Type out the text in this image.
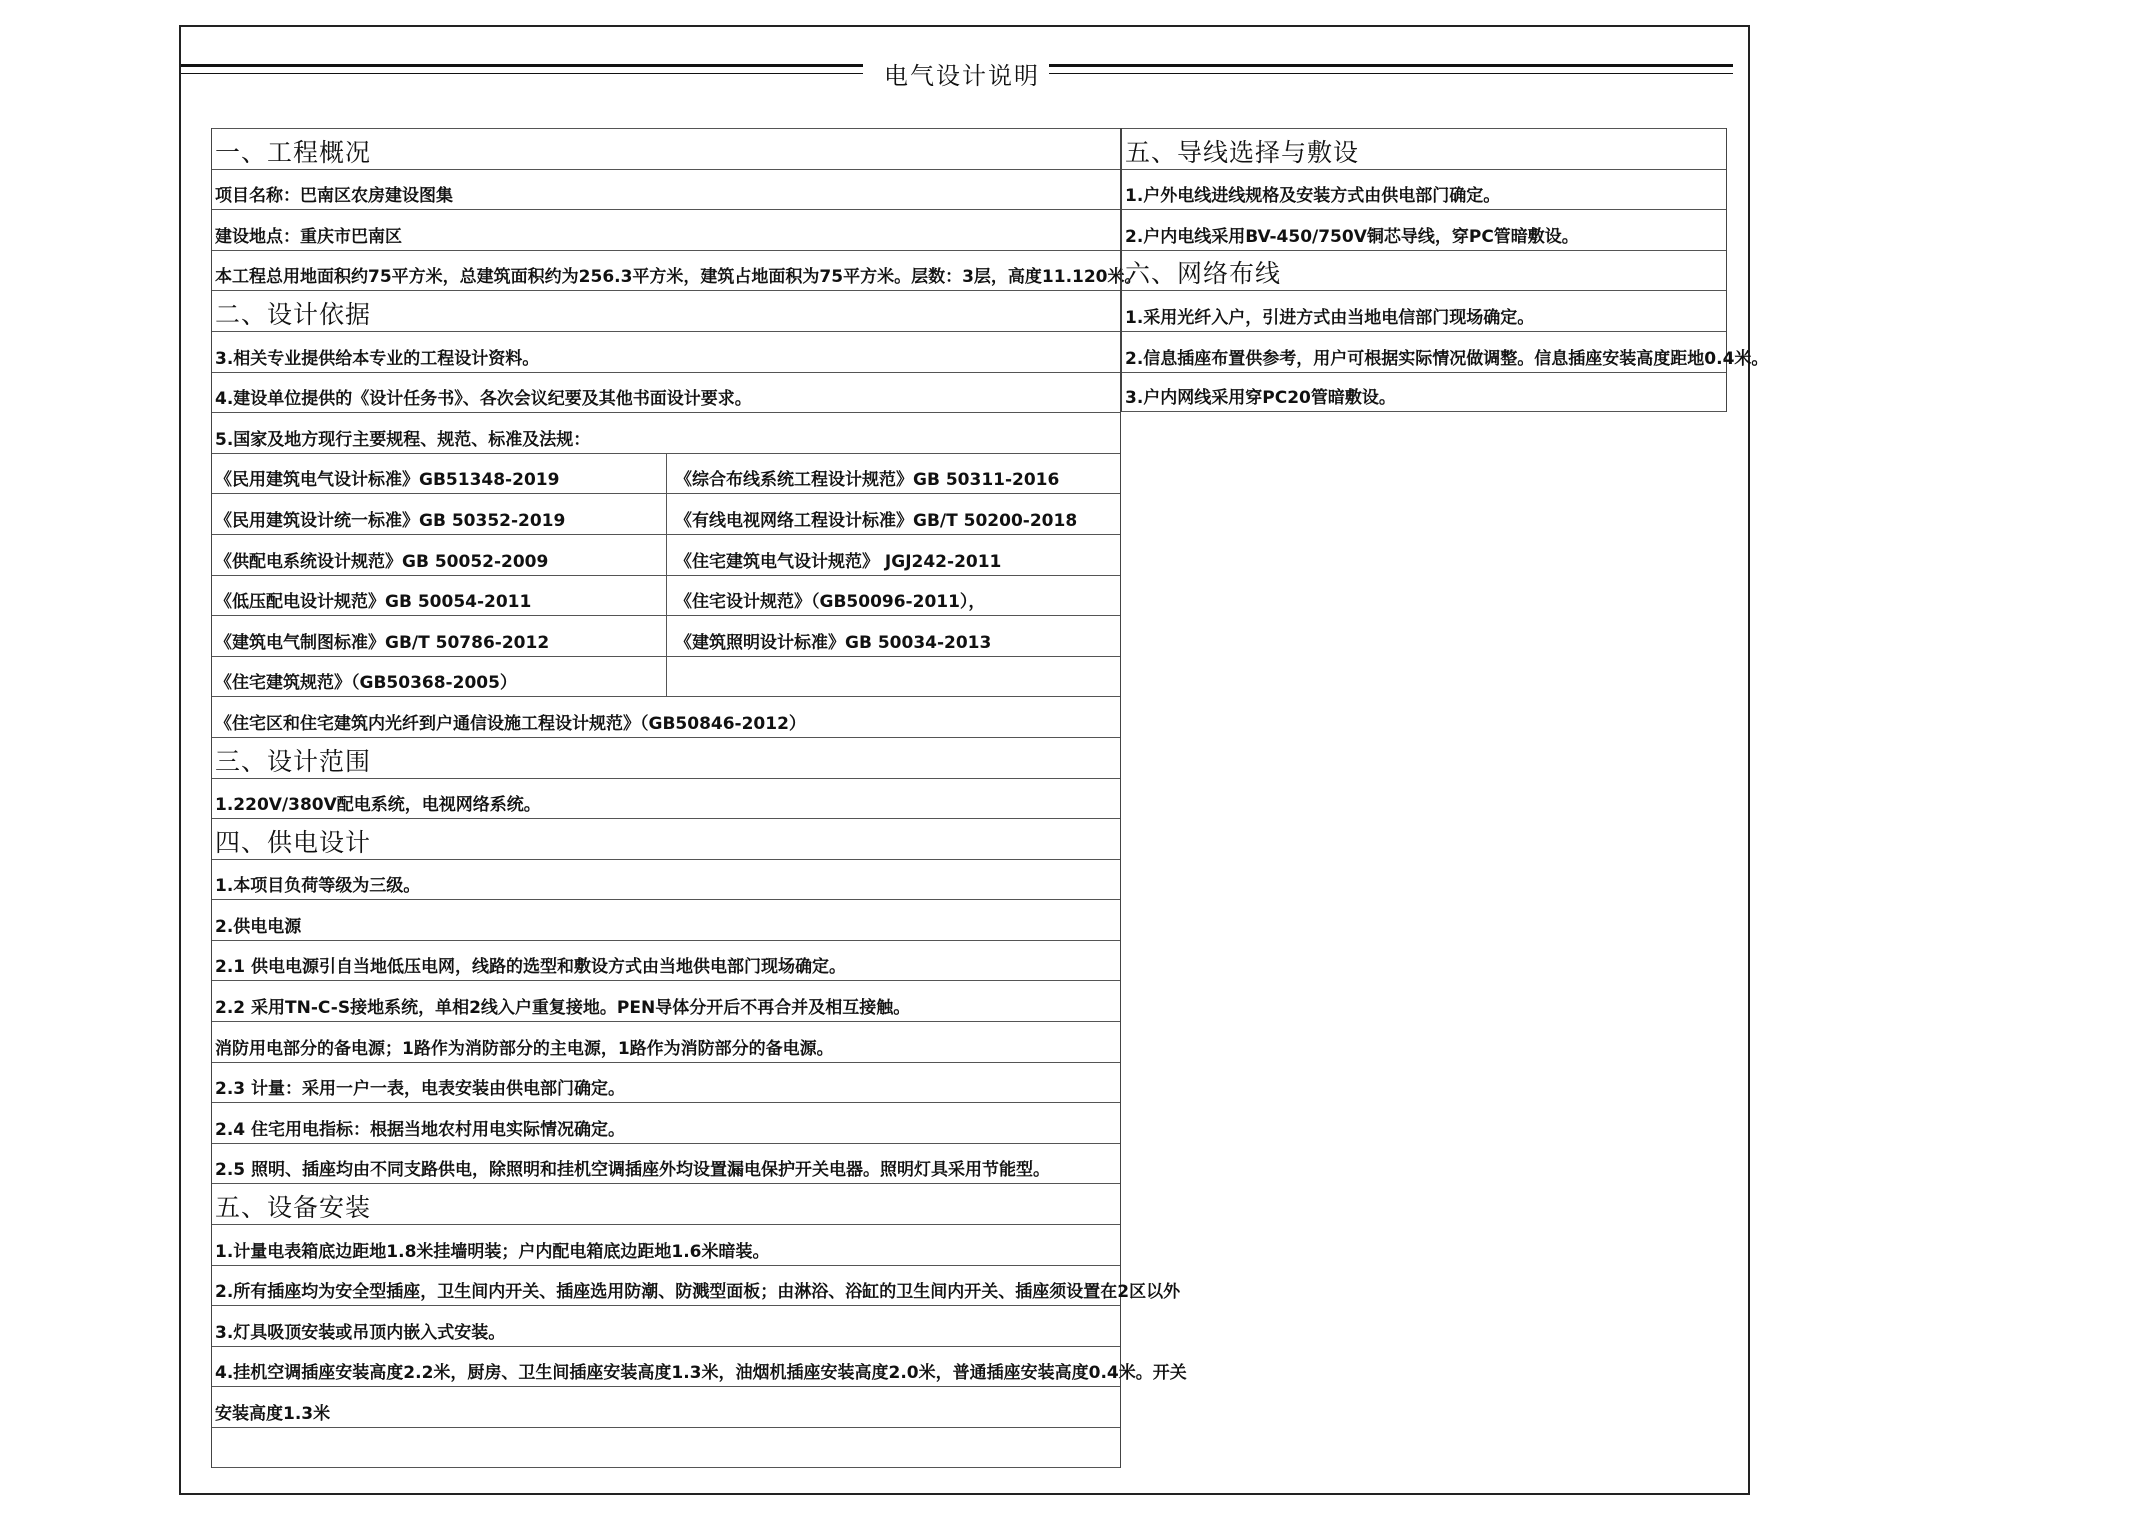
电气设计说明
一、工程概况
项目名称：巴南区农房建设图集
建设地点：重庆市巴南区
本工程总用地面积约75平方米，总建筑面积约为256.3平方米，建筑占地面积为75平方米。层数：3层，高度11.120米。
二、设计依据
3.相关专业提供给本专业的工程设计资料。
4.建设单位提供的《设计任务书》、各次会议纪要及其他书面设计要求。
5.国家及地方现行主要规程、规范、标准及法规：
《民用建筑电气设计标准》GB51348-2019	《综合布线系统工程设计规范》GB 50311-2016
《民用建筑设计统一标准》GB 50352-2019	《有线电视网络工程设计标准》GB/T 50200-2018
《供配电系统设计规范》GB 50052-2009	《住宅建筑电气设计规范》 JGJ242-2011
《低压配电设计规范》GB 50054-2011	《住宅设计规范》（GB50096-2011），
《建筑电气制图标准》GB/T 50786-2012	《建筑照明设计标准》GB 50034-2013
《住宅建筑规范》（GB50368-2005）
《住宅区和住宅建筑内光纤到户通信设施工程设计规范》（GB50846-2012）
三、设计范围
1.220V/380V配电系统，电视网络系统。
四、供电设计
1.本项目负荷等级为三级。
2.供电电源
2.1 供电电源引自当地低压电网，线路的选型和敷设方式由当地供电部门现场确定。
2.2 采用TN-C-S接地系统，单相2线入户重复接地。PEN导体分开后不再合并及相互接触。
消防用电部分的备电源；1路作为消防部分的主电源，1路作为消防部分的备电源。
2.3 计量：采用一户一表，电表安装由供电部门确定。
2.4 住宅用电指标：根据当地农村用电实际情况确定。
2.5 照明、插座均由不同支路供电，除照明和挂机空调插座外均设置漏电保护开关电器。照明灯具采用节能型。
五、设备安装
1.计量电表箱底边距地1.8米挂墙明装；户内配电箱底边距地1.6米暗装。
2.所有插座均为安全型插座，卫生间内开关、插座选用防潮、防溅型面板；由淋浴、浴缸的卫生间内开关、插座须设置在2区以外
3.灯具吸顶安装或吊顶内嵌入式安装。
4.挂机空调插座安装高度2.2米，厨房、卫生间插座安装高度1.3米，油烟机插座安装高度2.0米，普通插座安装高度0.4米。开关
安装高度1.3米
五、导线选择与敷设
1.户外电线进线规格及安装方式由供电部门确定。
2.户内电线采用BV-450/750V铜芯导线，穿PC管暗敷设。
六、网络布线
1.采用光纤入户，引进方式由当地电信部门现场确定。
2.信息插座布置供参考，用户可根据实际情况做调整。信息插座安装高度距地0.4米。
3.户内网线采用穿PC20管暗敷设。
